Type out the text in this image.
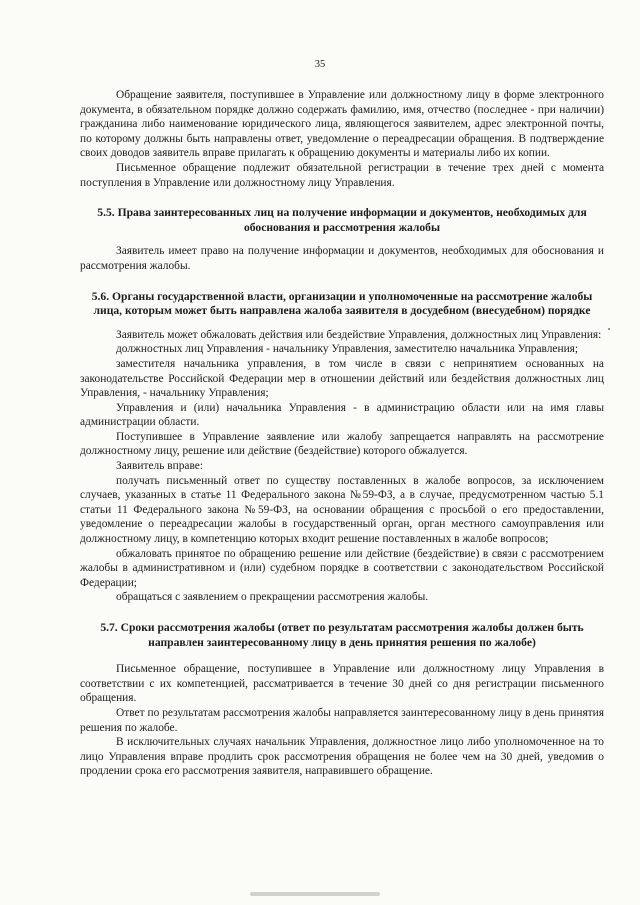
35

Обращение заявителя, поступившее в Управление или должностному лицу в форме электронного документа, в обязательном порядке должно содержать фамилию, имя, отчество (последнее - при наличии) гражданина либо наименование юридического лица, являющегося заявителем, адрес электронной почты, по которому должны быть направлены ответ, уведомление о переадресации обращения. В подтверждение своих доводов заявитель вправе прилагать к обращению документы и материалы либо их копии.

Письменное обращение подлежит обязательной регистрации в течение трех дней с момента поступления в Управление или должностному лицу Управления.

5.5. Права заинтересованных лиц на получение информации и документов, необходимых для обоснования и рассмотрения жалобы

Заявитель имеет право на получение информации и документов, необходимых для обоснования и рассмотрения жалобы.

5.6. Органы государственной власти, организации и уполномоченные на рассмотрение жалобы лица, которым может быть направлена жалоба заявителя в досудебном (внесудебном) порядке

Заявитель может обжаловать действия или бездействие Управления, должностных лиц Управления:

должностных лиц Управления - начальнику Управления, заместителю начальника Управления;

заместителя начальника управления, в том числе в связи с непринятием основанных на законодательстве Российской Федерации мер в отношении действий или бездействия должностных лиц Управления, - начальнику Управления;

Управления и (или) начальника Управления - в администрацию области или на имя главы администрации области.

Поступившее в Управление заявление или жалобу запрещается направлять на рассмотрение должностному лицу, решение или действие (бездействие) которого обжалуется.

Заявитель вправе:

получать письменный ответ по существу поставленных в жалобе вопросов, за исключением случаев, указанных в статье 11 Федерального закона №59-ФЗ, а в случае, предусмотренном частью 5.1 статьи 11 Федерального закона №59-ФЗ, на основании обращения с просьбой о его предоставлении, уведомление о переадресации жалобы в государственный орган, орган местного самоуправления или должностному лицу, в компетенцию которых входит решение поставленных в жалобе вопросов;

обжаловать принятое по обращению решение или действие (бездействие) в связи с рассмотрением жалобы в административном и (или) судебном порядке в соответствии с законодательством Российской Федерации;

обращаться с заявлением о прекращении рассмотрения жалобы.

5.7. Сроки рассмотрения жалобы (ответ по результатам рассмотрения жалобы должен быть направлен заинтересованному лицу в день принятия решения по жалобе)

Письменное обращение, поступившее в Управление или должностному лицу Управления в соответствии с их компетенцией, рассматривается в течение 30 дней со дня регистрации письменного обращения.

Ответ по результатам рассмотрения жалобы направляется заинтересованному лицу в день принятия решения по жалобе.

В исключительных случаях начальник Управления, должностное лицо либо уполномоченное на то лицо Управления вправе продлить срок рассмотрения обращения не более чем на 30 дней, уведомив о продлении срока его рассмотрения заявителя, направившего обращение.
